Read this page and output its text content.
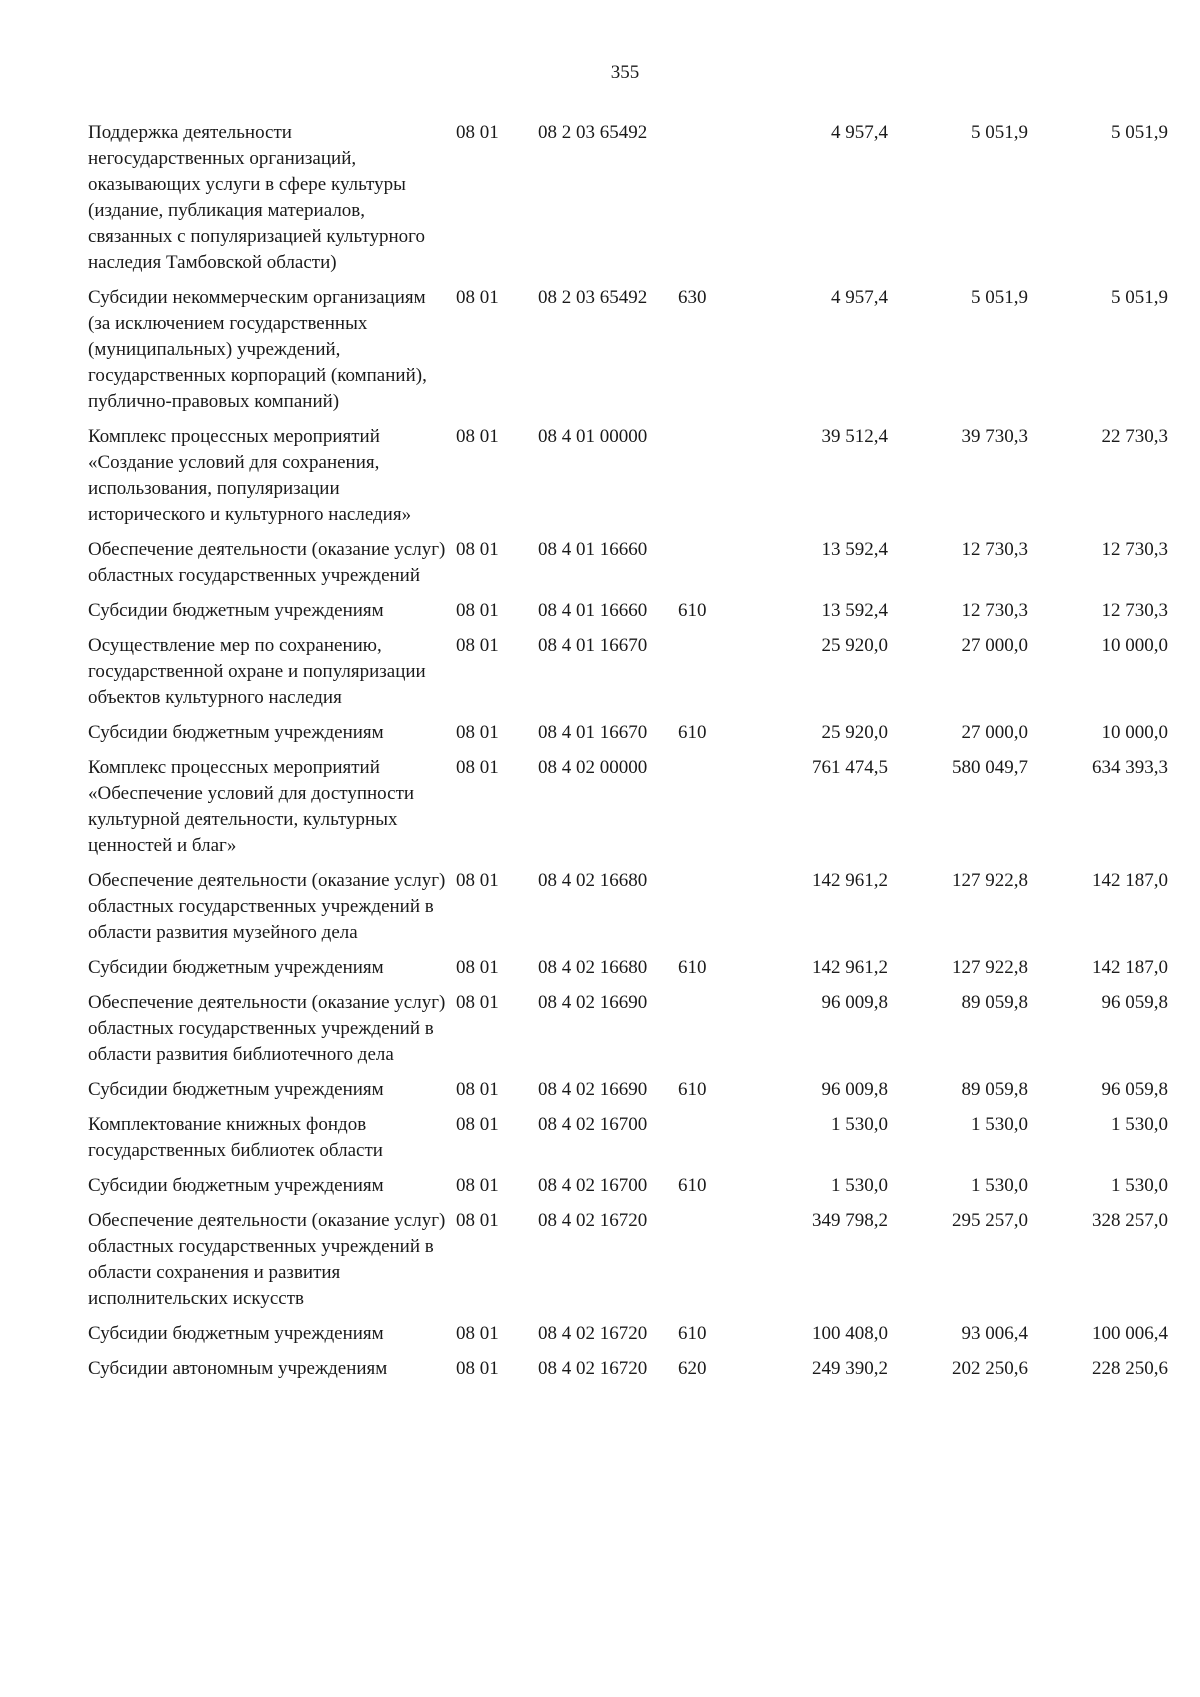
355
Поддержка деятельности негосударственных организаций, оказывающих услуги в сфере культуры (издание, публикация материалов, связанных с популяризацией культурного наследия Тамбовской области)	08 01	08 2 03 65492		4 957,4	5 051,9	5 051,9
Субсидии некоммерческим организациям (за исключением государственных (муниципальных) учреждений, государственных корпораций (компаний), публично-правовых компаний)	08 01	08 2 03 65492	630	4 957,4	5 051,9	5 051,9
Комплекс процессных мероприятий «Создание условий для сохранения, использования, популяризации исторического и культурного наследия»	08 01	08 4 01 00000		39 512,4	39 730,3	22 730,3
Обеспечение деятельности (оказание услуг) областных государственных учреждений	08 01	08 4 01 16660		13 592,4	12 730,3	12 730,3
Субсидии бюджетным учреждениям	08 01	08 4 01 16660	610	13 592,4	12 730,3	12 730,3
Осуществление мер по сохранению, государственной охране и популяризации объектов культурного наследия	08 01	08 4 01 16670		25 920,0	27 000,0	10 000,0
Субсидии бюджетным учреждениям	08 01	08 4 01 16670	610	25 920,0	27 000,0	10 000,0
Комплекс процессных мероприятий «Обеспечение условий для доступности культурной деятельности, культурных ценностей и благ»	08 01	08 4 02 00000		761 474,5	580 049,7	634 393,3
Обеспечение деятельности (оказание услуг) областных государственных учреждений в области развития музейного дела	08 01	08 4 02 16680		142 961,2	127 922,8	142 187,0
Субсидии бюджетным учреждениям	08 01	08 4 02 16680	610	142 961,2	127 922,8	142 187,0
Обеспечение деятельности (оказание услуг) областных государственных учреждений в области развития библиотечного дела	08 01	08 4 02 16690		96 009,8	89 059,8	96 059,8
Субсидии бюджетным учреждениям	08 01	08 4 02 16690	610	96 009,8	89 059,8	96 059,8
Комплектование книжных фондов государственных библиотек области	08 01	08 4 02 16700		1 530,0	1 530,0	1 530,0
Субсидии бюджетным учреждениям	08 01	08 4 02 16700	610	1 530,0	1 530,0	1 530,0
Обеспечение деятельности (оказание услуг) областных государственных учреждений в области сохранения и развития исполнительских искусств	08 01	08 4 02 16720		349 798,2	295 257,0	328 257,0
Субсидии бюджетным учреждениям	08 01	08 4 02 16720	610	100 408,0	93 006,4	100 006,4
Субсидии автономным учреждениям	08 01	08 4 02 16720	620	249 390,2	202 250,6	228 250,6
